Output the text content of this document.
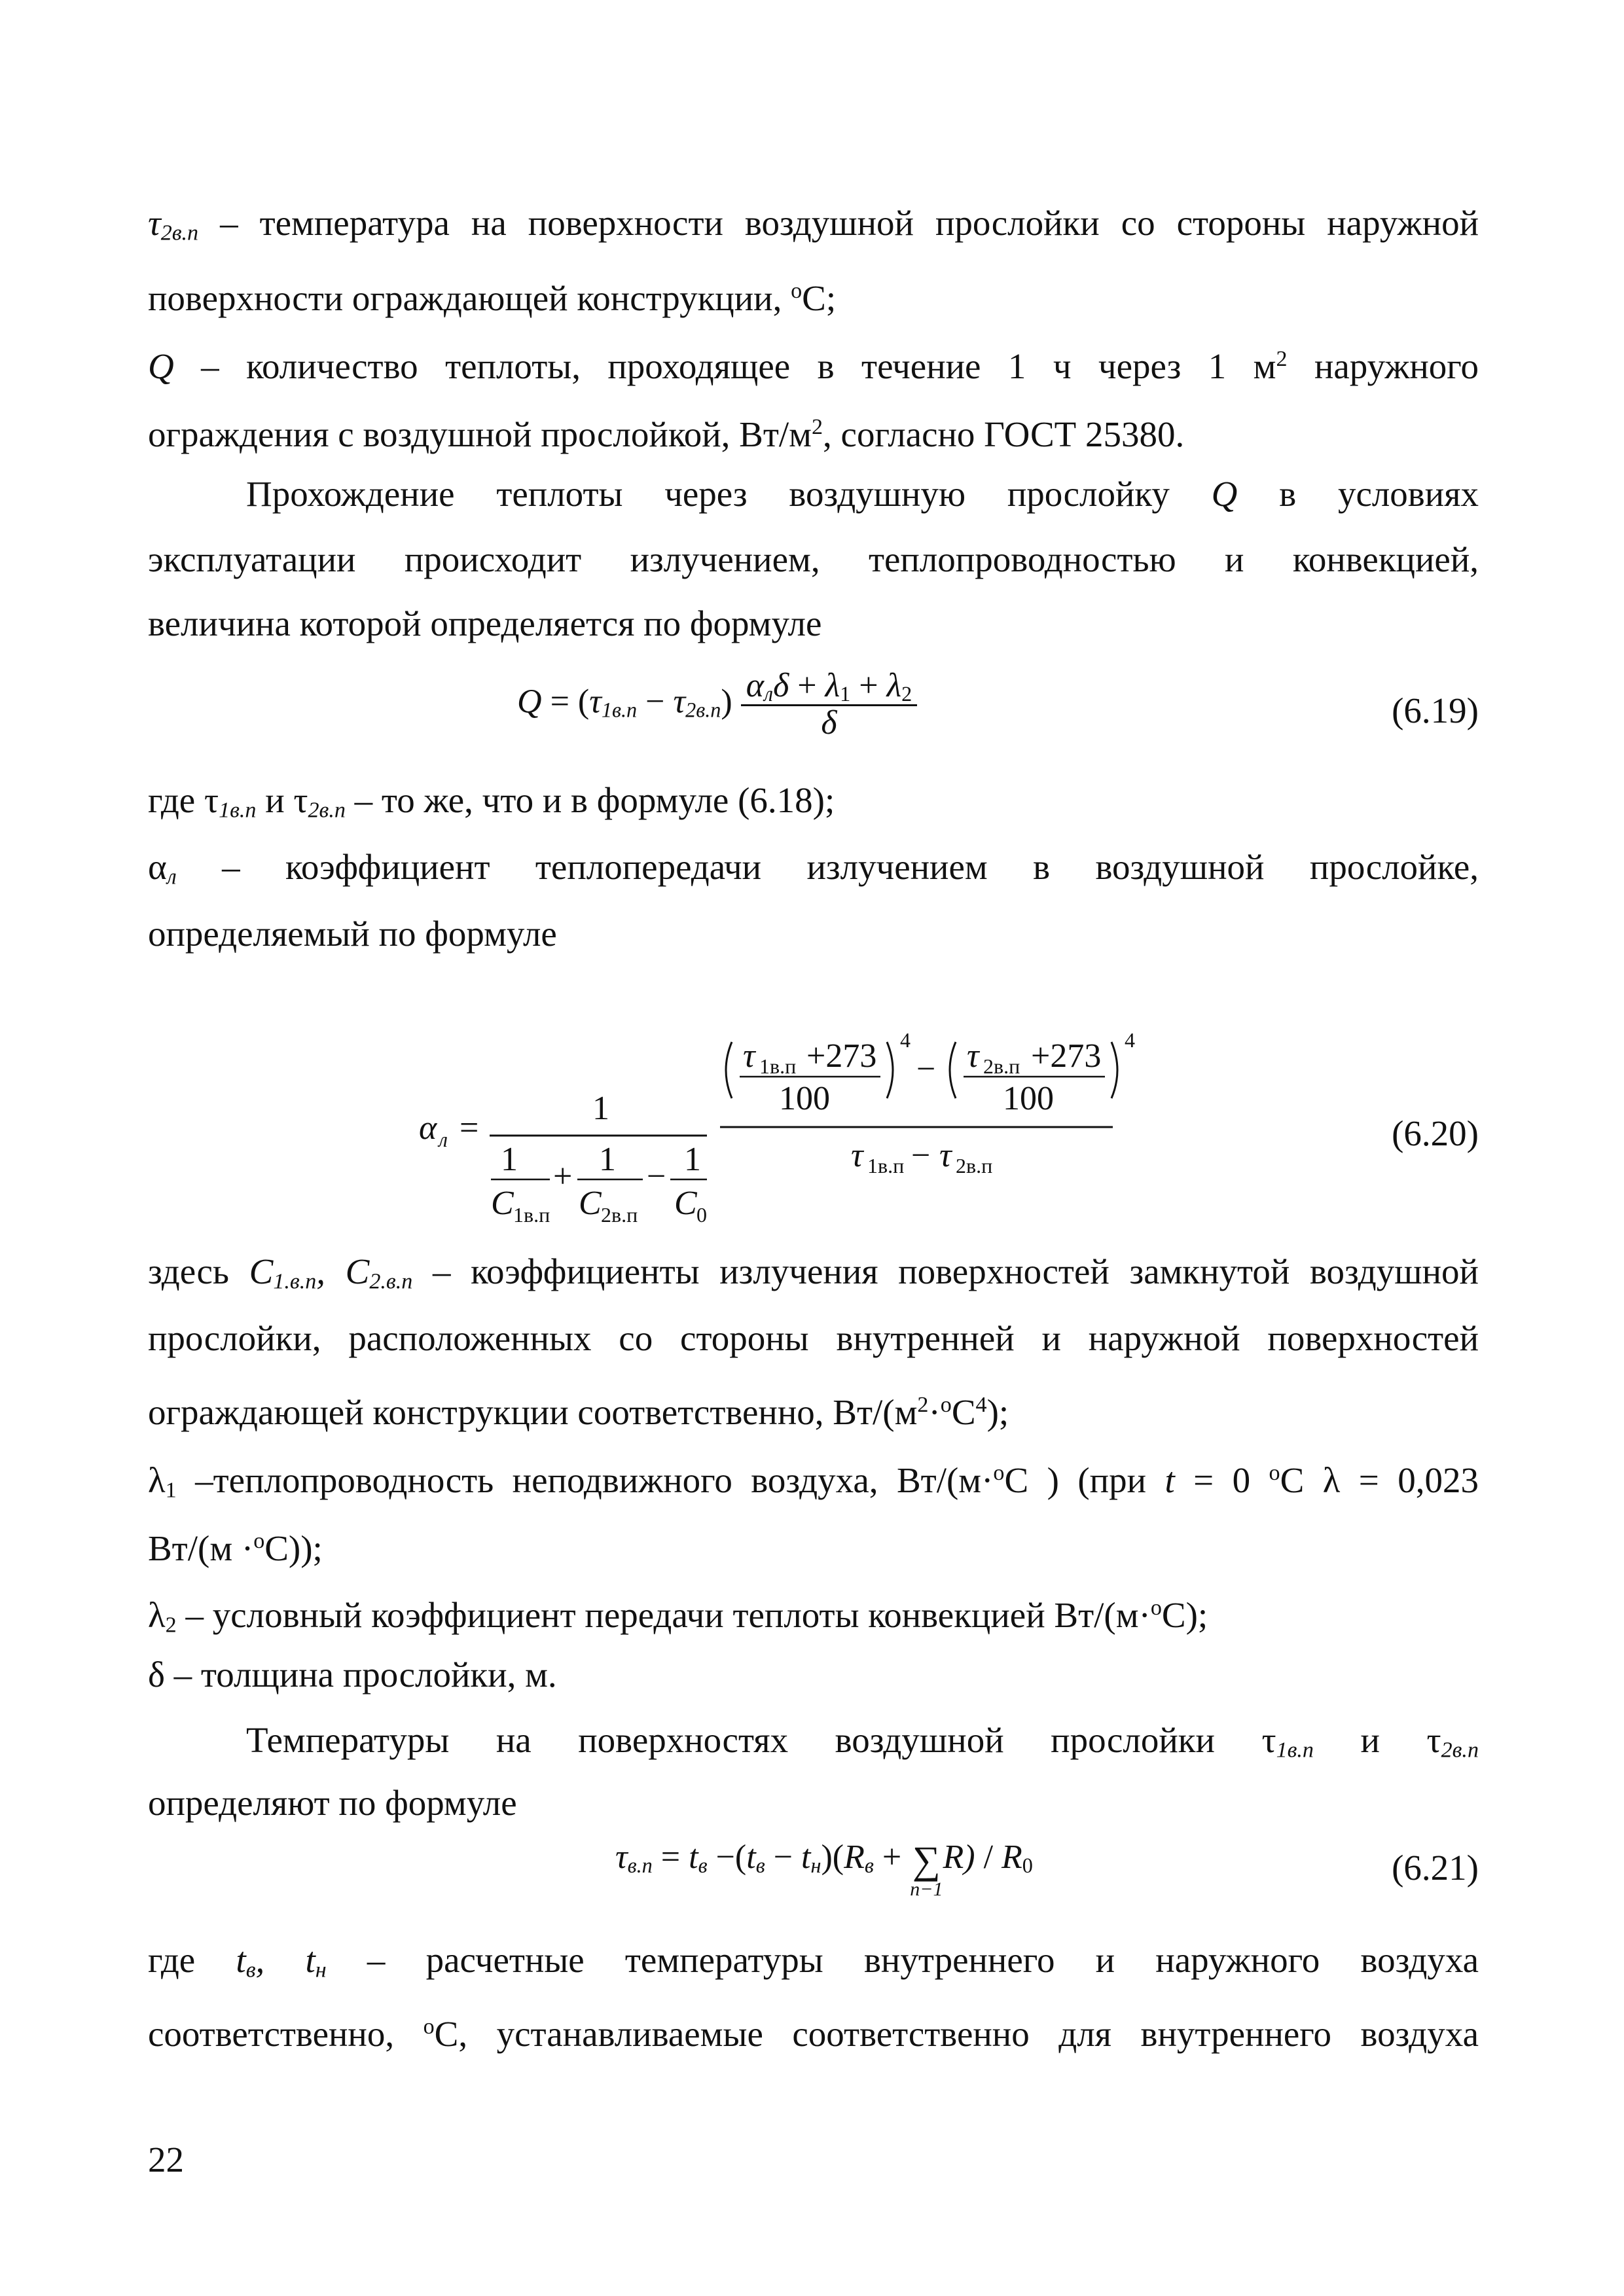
$\tau_{2в.п}$ – температура на поверхности воздушной прослойки со стороны наружной
поверхности ограждающей конструкции, $^о$С;
Q – количество теплоты, проходящее в течение 1 ч через 1 $м^2$ наружного
ограждения с воздушной прослойкой, $Вт/м^2$, согласно ГОСТ 25380.
Прохождение теплоты через воздушную прослойку Q в условиях
эксплуатации происходит излучением, теплопроводностью и конвекцией,
величина которой определяется по формуле
$Q = (\tau_{1в.п} - \tau_{2в.п}) \frac{\alpha_л\delta + \lambda 1 + \lambda 2}{\delta}$	(6.19)
где $\tau_{1в.п}$ и $\tau_{2в.п}$ – то же, что и в формуле (6.18);
$\alpha_л$ – коэффициент теплопередачи излучением в воздушной прослойке,
определяемый по формуле
α л =
1
1
C 1в.п
+ 1
C 2в.п
− 1
C 0
τ 1в.п +273
100
4
− τ 2в.п +273
100
4
τ 1в.п − τ 2в.п
(6.20)
здесь $С_{1.в.п}$, $С_{2.в.п}$ – коэффициенты излучения поверхностей замкнутой воздушной
прослойки, расположенных со стороны внутренней и наружной поверхностей
ограждающей конструкции соответственно, $Вт/(м^2\cdot^оС^4)$;
λ1 –теплопроводность неподвижного воздуха, Вт/(м·$^о$С ) (при t = 0 $^о$С λ = 0,023
Вт/(м ·$^о$С));
λ2 – условный коэффициент передачи теплоты конвекцией Вт/(м·$^о$С);
δ – толщина прослойки, м.
Температуры на поверхностях воздушной прослойки $\tau_{1в.п}$ и $\tau_{2в.п}$
определяют по формуле
$\tau_{в.п} = t_в -(t_в - t_н)(R_в$ + ∑
n−1
R) / R0	(6.21)
где $t_в$, $t_н$ – расчетные температуры внутреннего и наружного воздуха
соответственно, $^о$С, устанавливаемые соответственно для внутреннего воздуха
22
